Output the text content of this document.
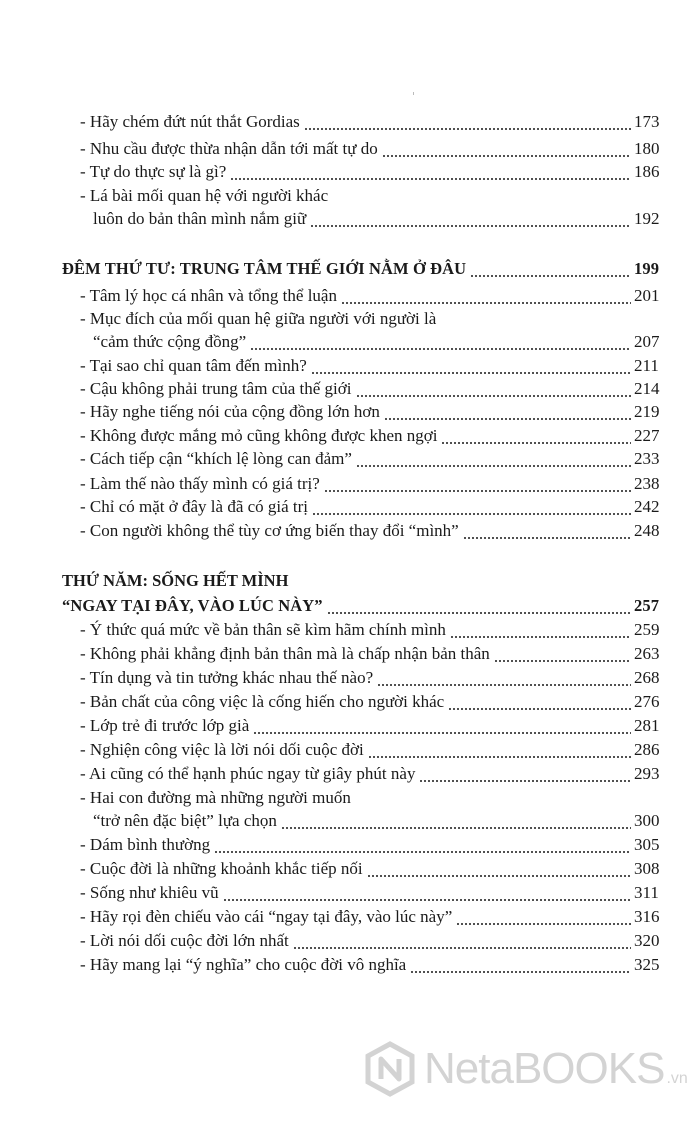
- Hãy chém đứt nút thắt Gordias	173
- Nhu cầu được thừa nhận dẫn tới mất tự do	180
- Tự do thực sự là gì?	186
- Lá bài mối quan hệ với người khác
luôn do bản thân mình nắm giữ	192
ĐÊM THỨ TƯ: TRUNG TÂM THẾ GIỚI NẰM Ở ĐÂU	199
- Tâm lý học cá nhân và tổng thể luận	201
- Mục đích của mối quan hệ giữa người với người là
“cảm thức cộng đồng”	207
- Tại sao chỉ quan tâm đến mình?	211
- Cậu không phải trung tâm của thế giới	214
- Hãy nghe tiếng nói của cộng đồng lớn hơn	219
- Không được mắng mỏ cũng không được khen ngợi	227
- Cách tiếp cận “khích lệ lòng can đảm”	233
- Làm thế nào thấy mình có giá trị?	238
- Chỉ có mặt ở đây là đã có giá trị	242
- Con người không thể tùy cơ ứng biến thay đổi “mình”	248
THỨ NĂM: SỐNG HẾT MÌNH
“NGAY TẠI ĐÂY, VÀO LÚC NÀY”	257
- Ý thức quá mức về bản thân sẽ kìm hãm chính mình	259
- Không phải khẳng định bản thân mà là chấp nhận bản thân	263
- Tín dụng và tin tưởng khác nhau thế nào?	268
- Bản chất của công việc là cống hiến cho người khác	276
- Lớp trẻ đi trước lớp già	281
- Nghiện công việc là lời nói dối cuộc đời	286
- Ai cũng có thể hạnh phúc ngay từ giây phút này	293
- Hai con đường mà những người muốn
“trở nên đặc biệt” lựa chọn	300
- Dám bình thường	305
- Cuộc đời là những khoảnh khắc tiếp nối	308
- Sống như khiêu vũ	311
- Hãy rọi đèn chiếu vào cái “ngay tại đây, vào lúc này”	316
- Lời nói dối cuộc đời lớn nhất	320
- Hãy mang lại “ý nghĩa” cho cuộc đời vô nghĩa	325
NetaBOOKS .vn
